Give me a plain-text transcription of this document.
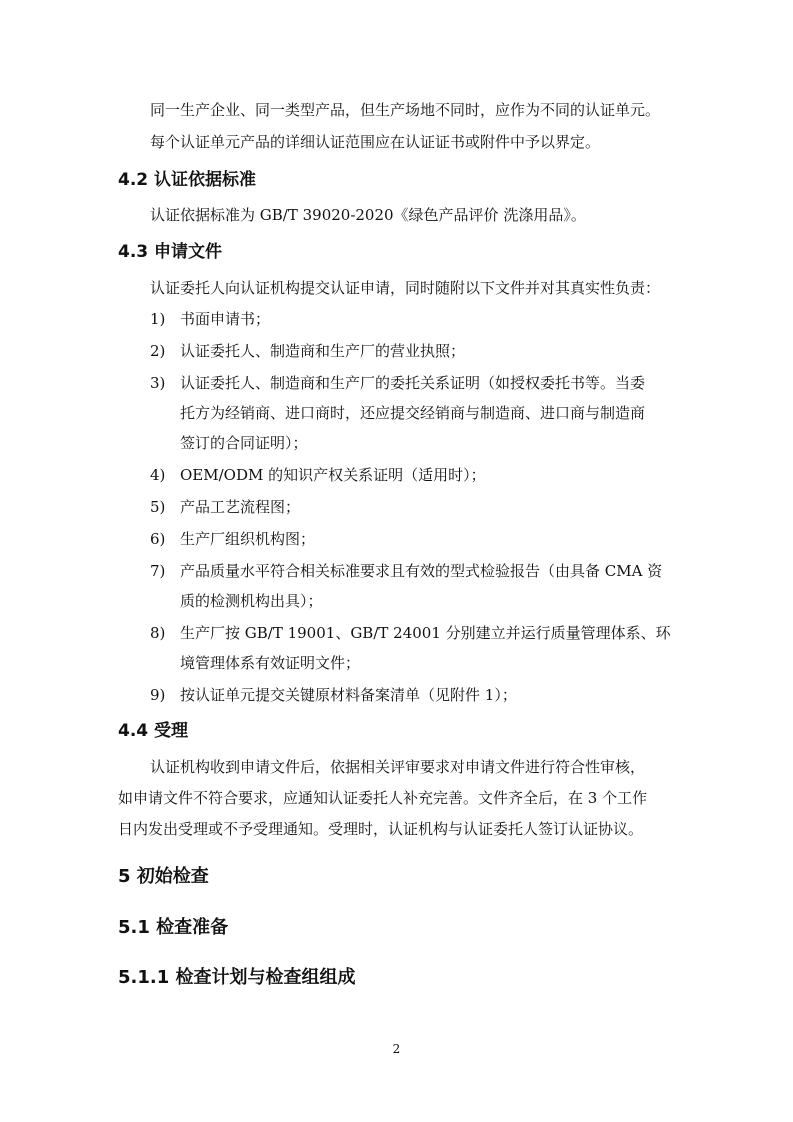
同一生产企业、同一类型产品，但生产场地不同时，应作为不同的认证单元。
每个认证单元产品的详细认证范围应在认证证书或附件中予以界定。
4.2 认证依据标准
认证依据标准为 GB/T 39020-2020《绿色产品评价 洗涤用品》。
4.3 申请文件
认证委托人向认证机构提交认证申请，同时随附以下文件并对其真实性负责：
1) 书面申请书；
2) 认证委托人、制造商和生产厂的营业执照；
3) 认证委托人、制造商和生产厂的委托关系证明（如授权委托书等。当委
托方为经销商、进口商时，还应提交经销商与制造商、进口商与制造商
签订的合同证明）；
4) OEM/ODM 的知识产权关系证明（适用时）；
5) 产品工艺流程图；
6) 生产厂组织机构图；
7) 产品质量水平符合相关标准要求且有效的型式检验报告（由具备 CMA 资
质的检测机构出具）；
8) 生产厂按 GB/T 19001、GB/T 24001 分别建立并运行质量管理体系、环
境管理体系有效证明文件；
9) 按认证单元提交关键原材料备案清单（见附件 1）；
4.4 受理
认证机构收到申请文件后，依据相关评审要求对申请文件进行符合性审核，
如申请文件不符合要求，应通知认证委托人补充完善。文件齐全后，在 3 个工作
日内发出受理或不予受理通知。受理时，认证机构与认证委托人签订认证协议。
5 初始检查
5.1 检查准备
5.1.1 检查计划与检查组组成
2
